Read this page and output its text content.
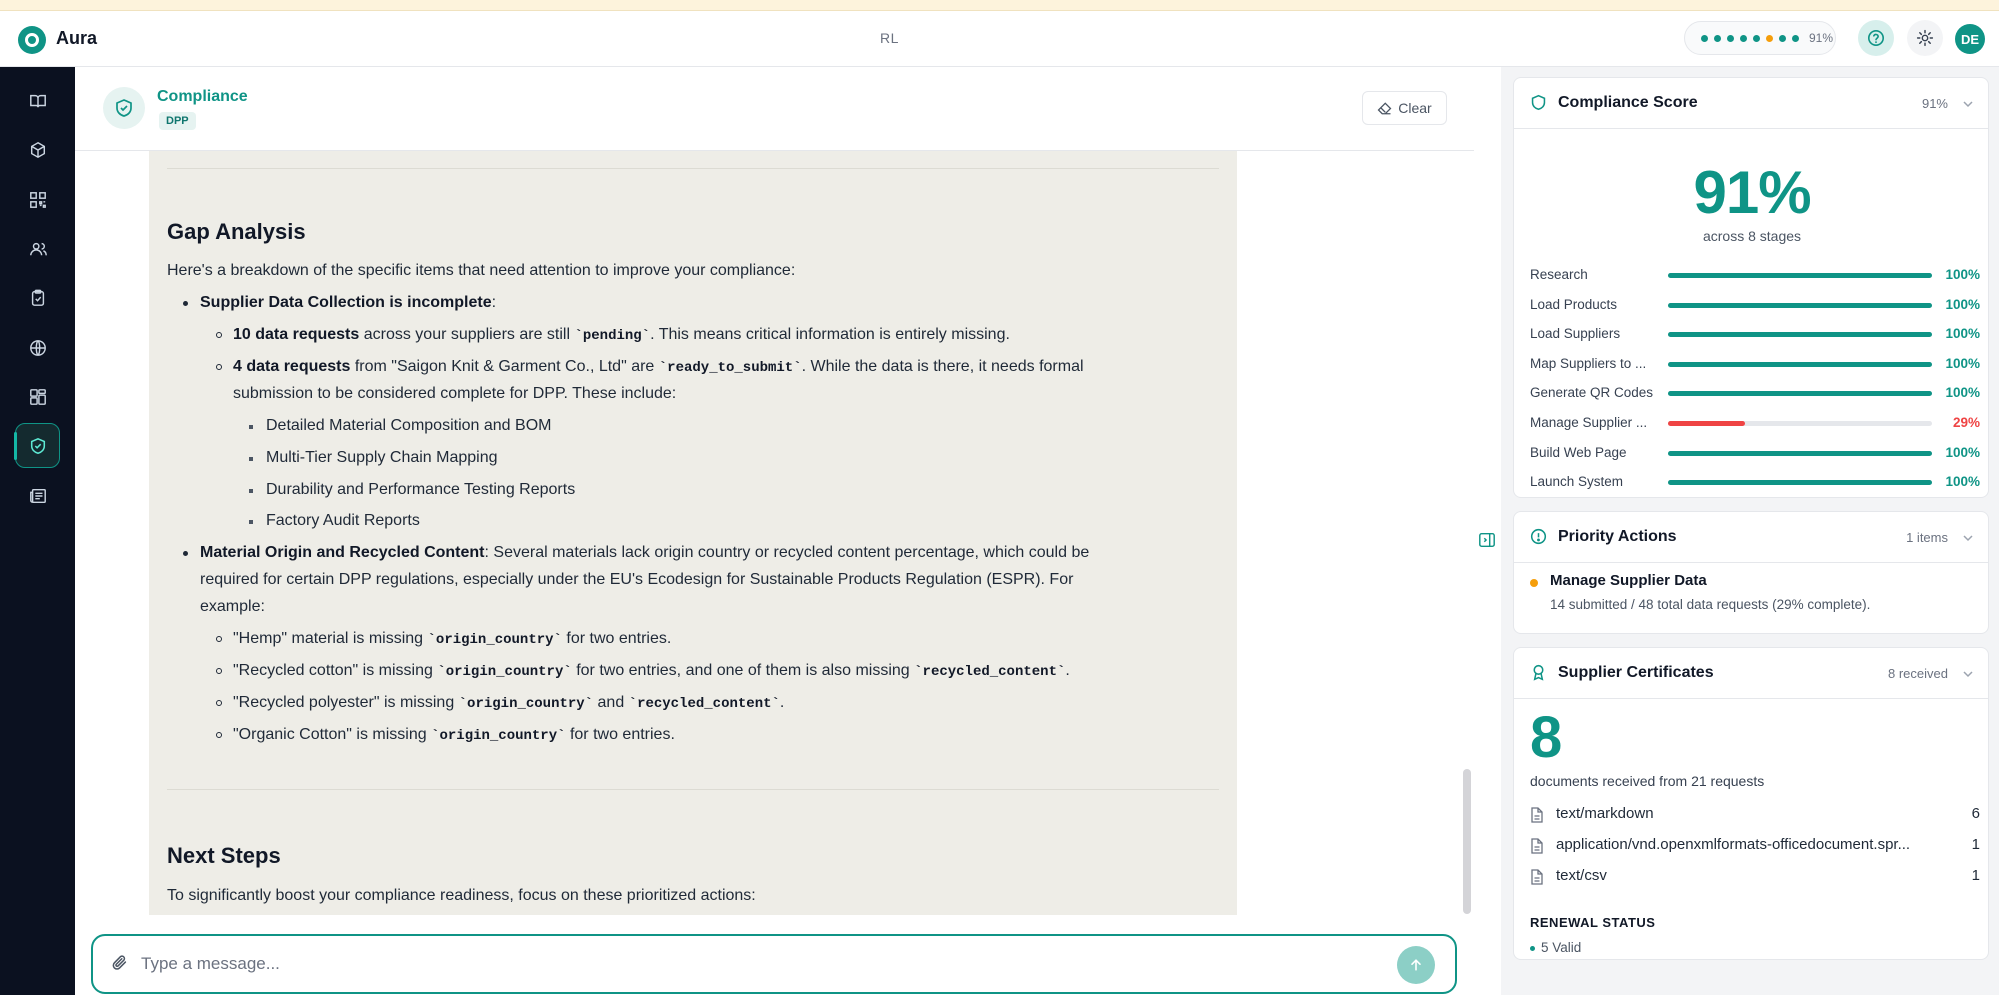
Aura	RL	91%	DE
Compliance
DPP
Clear
Gap Analysis
Here's a breakdown of the specific items that need attention to improve your compliance:
Supplier Data Collection is incomplete:
10 data requests across your suppliers are still `pending`. This means critical information is entirely missing.
4 data requests from "Saigon Knit & Garment Co., Ltd" are `ready_to_submit`. While the data is there, it needs formal
submission to be considered complete for DPP. These include:
Detailed Material Composition and BOM
Multi-Tier Supply Chain Mapping
Durability and Performance Testing Reports
Factory Audit Reports
Material Origin and Recycled Content: Several materials lack origin country or recycled content percentage, which could be
required for certain DPP regulations, especially under the EU's Ecodesign for Sustainable Products Regulation (ESPR). For
example:
"Hemp" material is missing `origin_country` for two entries.
"Recycled cotton" is missing `origin_country` for two entries, and one of them is also missing `recycled_content`.
"Recycled polyester" is missing `origin_country` and `recycled_content`.
"Organic Cotton" is missing `origin_country` for two entries.
Next Steps
To significantly boost your compliance readiness, focus on these prioritized actions:
Type a message...
Compliance Score	91%
91%
across 8 stages
Research	100%
Load Products	100%
Load Suppliers	100%
Map Suppliers to ...	100%
Generate QR Codes	100%
Manage Supplier ...	29%
Build Web Page	100%
Launch System	100%
Priority Actions	1 items
Manage Supplier Data
14 submitted / 48 total data requests (29% complete).
Supplier Certificates	8 received
8
documents received from 21 requests
text/markdown	6
application/vnd.openxmlformats-officedocument.spr...	1
text/csv	1
RENEWAL STATUS
5 Valid
